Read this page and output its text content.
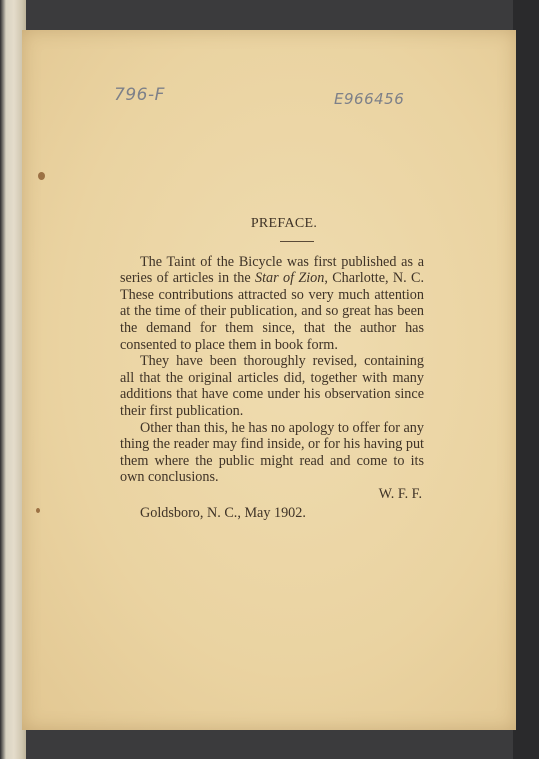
796-F	E966456
PREFACE.

The Taint of the Bicycle was first published as a series of articles in the Star of Zion, Charlotte, N. C. These contributions attracted so very much attention at the time of their publication, and so great has been the demand for them since, that the author has consented to place them in book form.

They have been thoroughly revised, containing all that the original articles did, together with many additions that have come under his observation since their first publication.

Other than this, he has no apology to offer for any thing the reader may find inside, or for his having put them where the public might read and come to its own conclusions.

W. F. F.

Goldsboro, N. C., May 1902.
